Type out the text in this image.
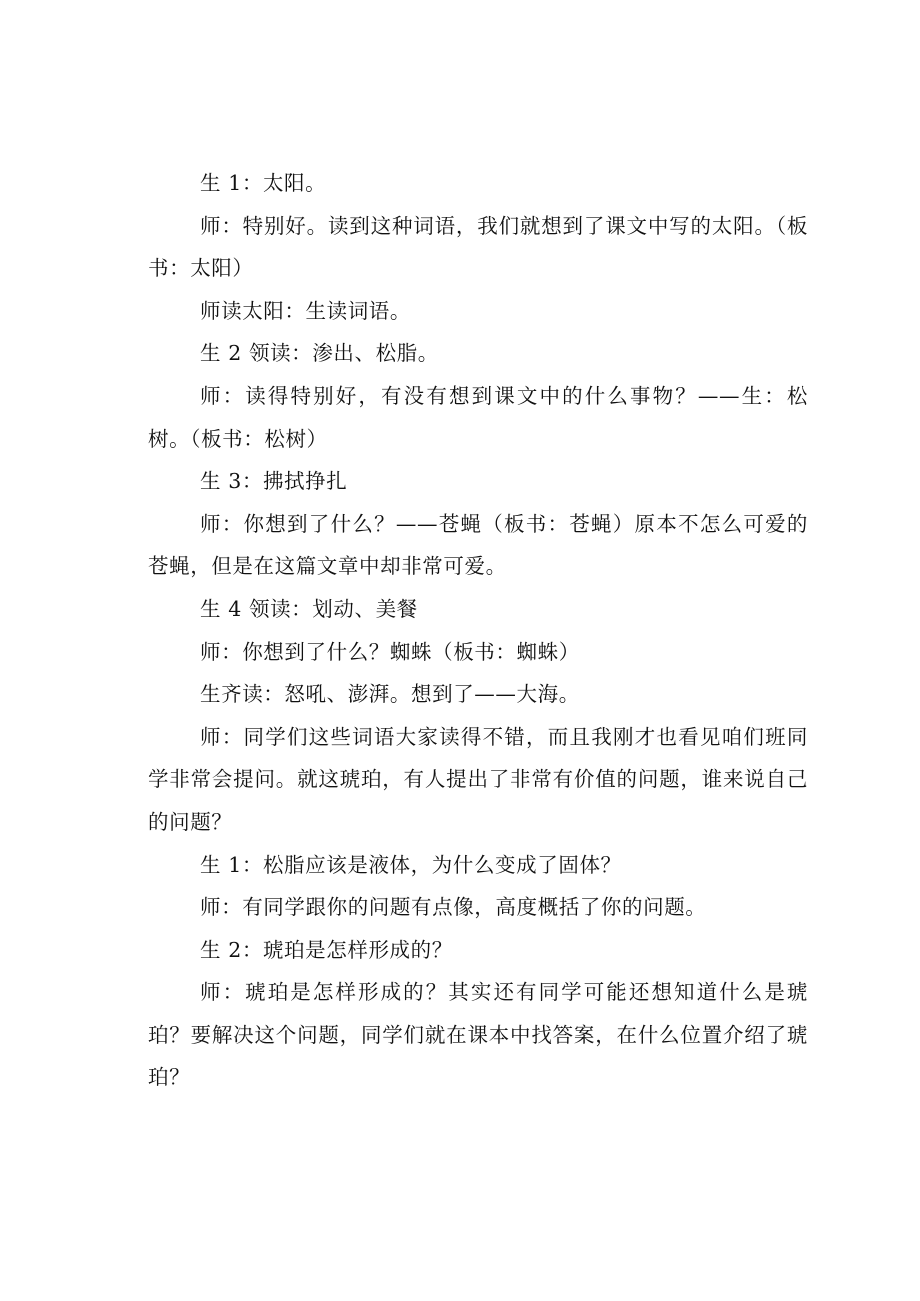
生 1：太阳。

师：特别好。读到这种词语，我们就想到了课文中写的太阳。（板书：太阳）

师读太阳：生读词语。

生 2 领读：渗出、松脂。

师：读得特别好，有没有想到课文中的什么事物？——生：松树。（板书：松树）

生 3：拂拭挣扎

师：你想到了什么？——苍蝇（板书：苍蝇）原本不怎么可爱的苍蝇，但是在这篇文章中却非常可爱。

生 4 领读：划动、美餐

师：你想到了什么？蜘蛛（板书：蜘蛛）

生齐读：怒吼、澎湃。想到了——大海。

师：同学们这些词语大家读得不错，而且我刚才也看见咱们班同学非常会提问。就这琥珀，有人提出了非常有价值的问题，谁来说自己的问题？

生 1：松脂应该是液体，为什么变成了固体？

师：有同学跟你的问题有点像，高度概括了你的问题。

生 2：琥珀是怎样形成的？

师：琥珀是怎样形成的？其实还有同学可能还想知道什么是琥珀？要解决这个问题，同学们就在课本中找答案，在什么位置介绍了琥珀？
